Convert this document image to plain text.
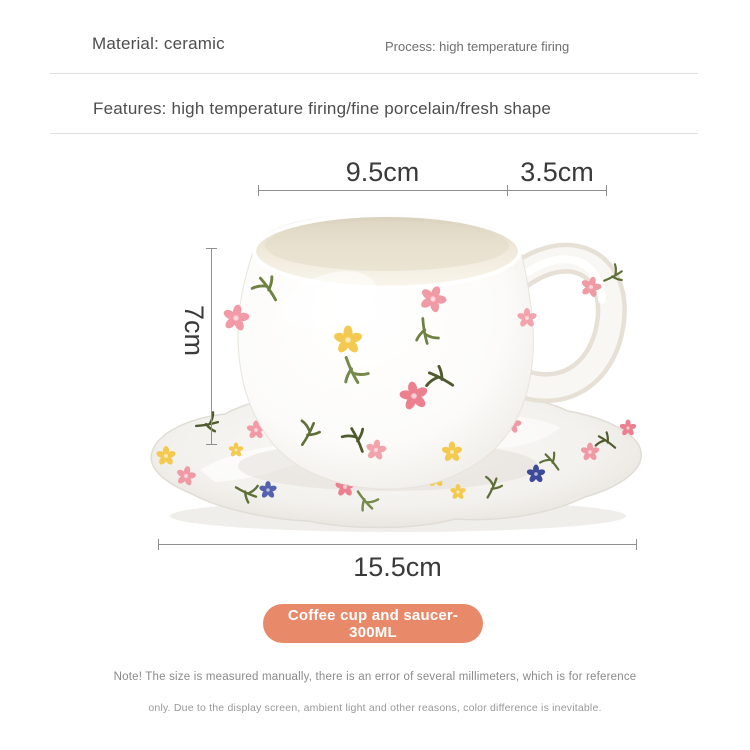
Material: ceramic	Process: high temperature firing
Features: high temperature firing/fine porcelain/fresh shape
9.5cm	3.5cm
7cm
15.5cm
Coffee cup and saucer-300ML
Note! The size is measured manually, there is an error of several millimeters, which is for reference
only. Due to the display screen, ambient light and other reasons, color difference is inevitable.
